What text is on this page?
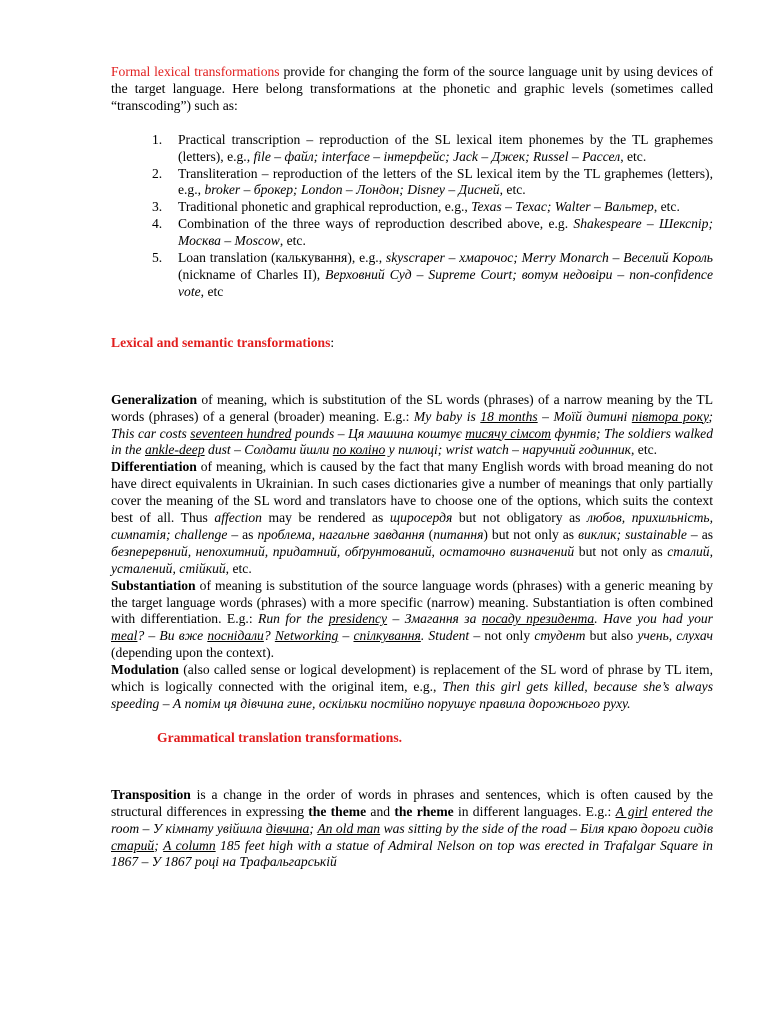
Formal lexical transformations provide for changing the form of the source language unit by using devices of the target language. Here belong transformations at the phonetic and graphic levels (sometimes called “transcoding”) such as:

1. Practical transcription – reproduction of the SL lexical item phonemes by the TL graphemes (letters), e.g., file – файл; interface – інтерфейс; Jack – Джек; Russel – Рассел, etc.
2. Transliteration – reproduction of the letters of the SL lexical item by the TL graphemes (letters), e.g., broker – брокер; London – Лондон; Disney – Дисней, etc.
3. Traditional phonetic and graphical reproduction, e.g., Texas – Техас; Walter – Вальтер, etc.
4. Combination of the three ways of reproduction described above, e.g. Shakespeare – Шекспір; Москва – Moscow, etc.
5. Loan translation (калькування), e.g., skyscraper – хмарочос; Merry Monarch – Веселий Король (nickname of Charles II), Верховний Суд – Supreme Court; вотум недовіри – non-confidence vote, etc

Lexical and semantic transformations:

Generalization of meaning, which is substitution of the SL words (phrases) of a narrow meaning by the TL words (phrases) of a general (broader) meaning. E.g.: My baby is 18 months – Моїй дитині півтора року; This car costs seventeen hundred pounds – Ця машина коштує тисячу сімсот фунтів; The soldiers walked in the ankle-deep dust – Солдати йшли по коліно у пилюці; wrist watch – наручний годинник, etc.

Differentiation of meaning, which is caused by the fact that many English words with broad meaning do not have direct equivalents in Ukrainian. In such cases dictionaries give a number of meanings that only partially cover the meaning of the SL word and translators have to choose one of the options, which suits the context best of all. Thus affection may be rendered as щиросердя but not obligatory as любов, прихильність, симпатія; challenge – as проблема, нагальне завдання (питання) but not only as виклик; sustainable – as безперервний, непохитний, придатний, обґрунтований, остаточно визначений but not only as сталий, усталений, стійкий, etc.

Substantiation of meaning is substitution of the source language words (phrases) with a generic meaning by the target language words (phrases) with a more specific (narrow) meaning. Substantiation is often combined with differentiation. E.g.: Run for the presidency – Змагання за посаду президента. Have you had your meal? – Ви вже поснідали? Networking – спілкування. Student – not only студент but also учень, слухач (depending upon the context).

Modulation (also called sense or logical development) is replacement of the SL word of phrase by TL item, which is logically connected with the original item, e.g., Then this girl gets killed, because she’s always speeding – А потім ця дівчина гине, оскільки постійно порушує правила дорожнього руху.

Grammatical translation transformations.

Transposition is a change in the order of words in phrases and sentences, which is often caused by the structural differences in expressing the theme and the rheme in different languages. E.g.: A girl entered the room – У кімнату увійшла дівчина; An old man was sitting by the side of the road – Біля краю дороги сидів старий; A column 185 feet high with a statue of Admiral Nelson on top was erected in Trafalgar Square in 1867 – У 1867 році на Трафальгарській
